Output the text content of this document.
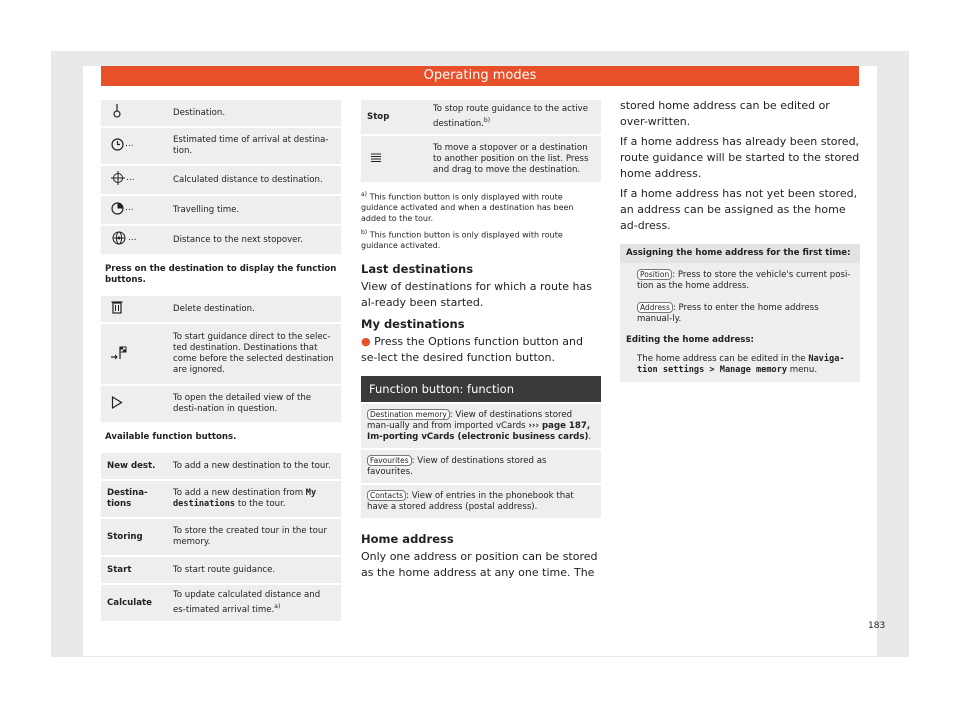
Operating modes
	Destination.

...	Estimated time of arrival at destina-tion.

...	Calculated distance to destination.

...	Travelling time.

...	Distance to the next stopover.
Press on the destination to display the function buttons.	

	Delete destination.

	To start guidance direct to the selec-ted destination. Destinations that come before the selected destination are ignored.

	To open the detailed view of the desti-nation in question.
Available function buttons.	
New dest.	To add a new destination to the tour.
Destina-tions	To add a new destination from My destinations to the tour.
Storing	To store the created tour in the tour memory.
Start	To start route guidance.
Calculate	To update calculated distance and es-timated arrival time.$^{a)}$
Stop	To stop route guidance to the active destination.$^{b)}$

	To move a stopover or a destination to another position on the list. Press and drag to move the destination.
$^{a)}$ This function button is only displayed with route guidance activated and when a destination has been added to the tour.
$^{b)}$ This function button is only displayed with route guidance activated.
Last destinations
View of destinations for which a route has al-ready been started.
My destinations
● Press the Options function button and se-lect the desired function button.
Function button: function
Destination memory : View of destinations stored man-ually and from imported vCards ››› page 187, Im-porting vCards (electronic business cards).
Favourites : View of destinations stored as favourites.
Contacts : View of entries in the phonebook that have a stored address (postal address).
Home address
Only one address or position can be stored as the home address at any one time. The
stored home address can be edited or over-written.
If a home address has already been stored, route guidance will be started to the stored home address.
If a home address has not yet been stored, an address can be assigned as the home ad-dress.
Assigning the home address for the first time:
Position : Press to store the vehicle's current posi-tion as the home address.
Address : Press to enter the home address manual-ly.
Editing the home address:
The home address can be edited in the Naviga-tion settings > Manage memory menu.
183
